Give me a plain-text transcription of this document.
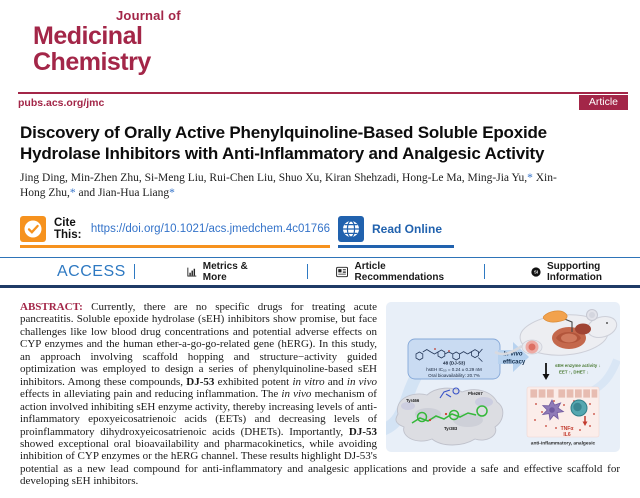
Journal of
Medicinal
Chemistry
pubs.acs.org/jmc	Article
Discovery of Orally Active Phenylquinoline-Based Soluble Epoxide Hydrolase Inhibitors with Anti-Inflammatory and Analgesic Activity
Jing Ding, Min-Zhen Zhu, Si-Meng Liu, Rui-Chen Liu, Shuo Xu, Kiran Shehzadi, Hong-Le Ma, Ming-Jia Yu,* Xin-Hong Zhu,* and Jian-Hua Liang*
Cite This: https://doi.org/10.1021/acs.jmedchem.4c01766	Read Online
ACCESS	Metrics & More
Article Recommendations	SI
Supporting Information
48 (DJ-53)
hsEH IC₅₀ = 0.24 ± 0.29 nM
Oral bioavailability: 20.7%
In vivo
efficacy	sEH enzyme activity ↓
EET ↑, DHET ↓
TNFα
IL6
anti-inflammatory, analgesic
Tyr466
Phe267
Tyr383
ABSTRACT: Currently, there are no specific drugs for treating acute pancreatitis. Soluble epoxide hydrolase (sEH) inhibitors show promise, but face challenges like low blood drug concentrations and potential adverse effects on CYP enzymes and the human ether-a-go-go-related gene (hERG). In this study, an approach involving scaffold hopping and structure−activity guided optimization was employed to design a series of phenylquinoline-based sEH inhibitors. Among these compounds, DJ-53 exhibited potent in vitro and in vivo effects in alleviating pain and reducing inflammation. The in vivo mechanism of action involved inhibiting sEH enzyme activity, thereby increasing levels of anti-inflammatory epoxyeicosatrienoic acids (EETs) and decreasing levels of proinflammatory dihydroxyeicosatrienoic acids (DHETs). Importantly, DJ-53 showed exceptional oral bioavailability and pharmacokinetics, while avoiding inhibition of CYP enzymes or the hERG channel. These results highlight DJ-53's potential as a new lead compound for anti-inflammatory and analgesic applications and provide a safe and effective scaffold for developing sEH inhibitors.
